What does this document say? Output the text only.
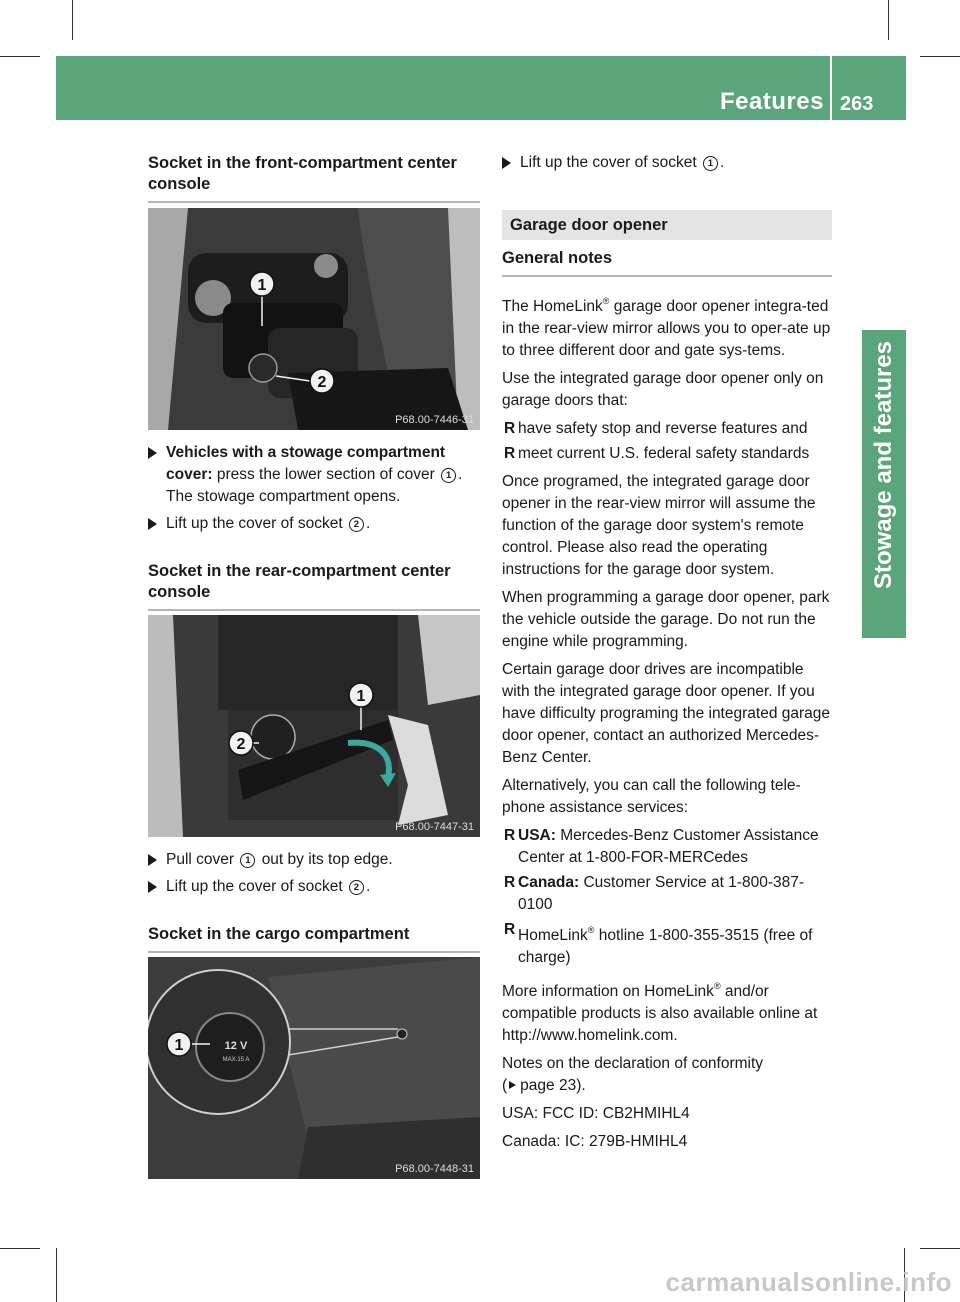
Features 263
Stowage and features
Socket in the front-compartment center console
1
2
P68.00-7446-31
Vehicles with a stowage compartment cover: press the lower section of cover 1 .
The stowage compartment opens.
Lift up the cover of socket 2 .
Socket in the rear-compartment center console
1
2
P68.00-7447-31
Pull cover 1 out by its top edge.
Lift up the cover of socket 2 .
Socket in the cargo compartment
12 V
MAX.15 A
1
P68.00-7448-31
Lift up the cover of socket 1 .
Garage door opener
General notes

The HomeLink® garage door opener integra-ted in the rear-view mirror allows you to oper-ate up to three different door and gate sys-tems.

Use the integrated garage door opener only on garage doors that:

R have safety stop and reverse features and
R meet current U.S. federal safety standards

Once programed, the integrated garage door opener in the rear-view mirror will assume the function of the garage door system's remote control. Please also read the operating instructions for the garage door system.

When programming a garage door opener, park the vehicle outside the garage. Do not run the engine while programming.

Certain garage door drives are incompatible with the integrated garage door opener. If you have difficulty programing the integrated garage door opener, contact an authorized Mercedes-Benz Center.

Alternatively, you can call the following tele-phone assistance services:

R USA: Mercedes-Benz Customer Assistance Center at 1-800-FOR-MERCedes
R Canada: Customer Service at 1-800-387-0100
R HomeLink® hotline 1-800-355-3515 (free of charge)

More information on HomeLink® and/or compatible products is also available online at http://www.homelink.com.

Notes on the declaration of conformity
( page 23).

USA: FCC ID: CB2HMIHL4

Canada: IC: 279B-HMIHL4

carmanualsonline.info
